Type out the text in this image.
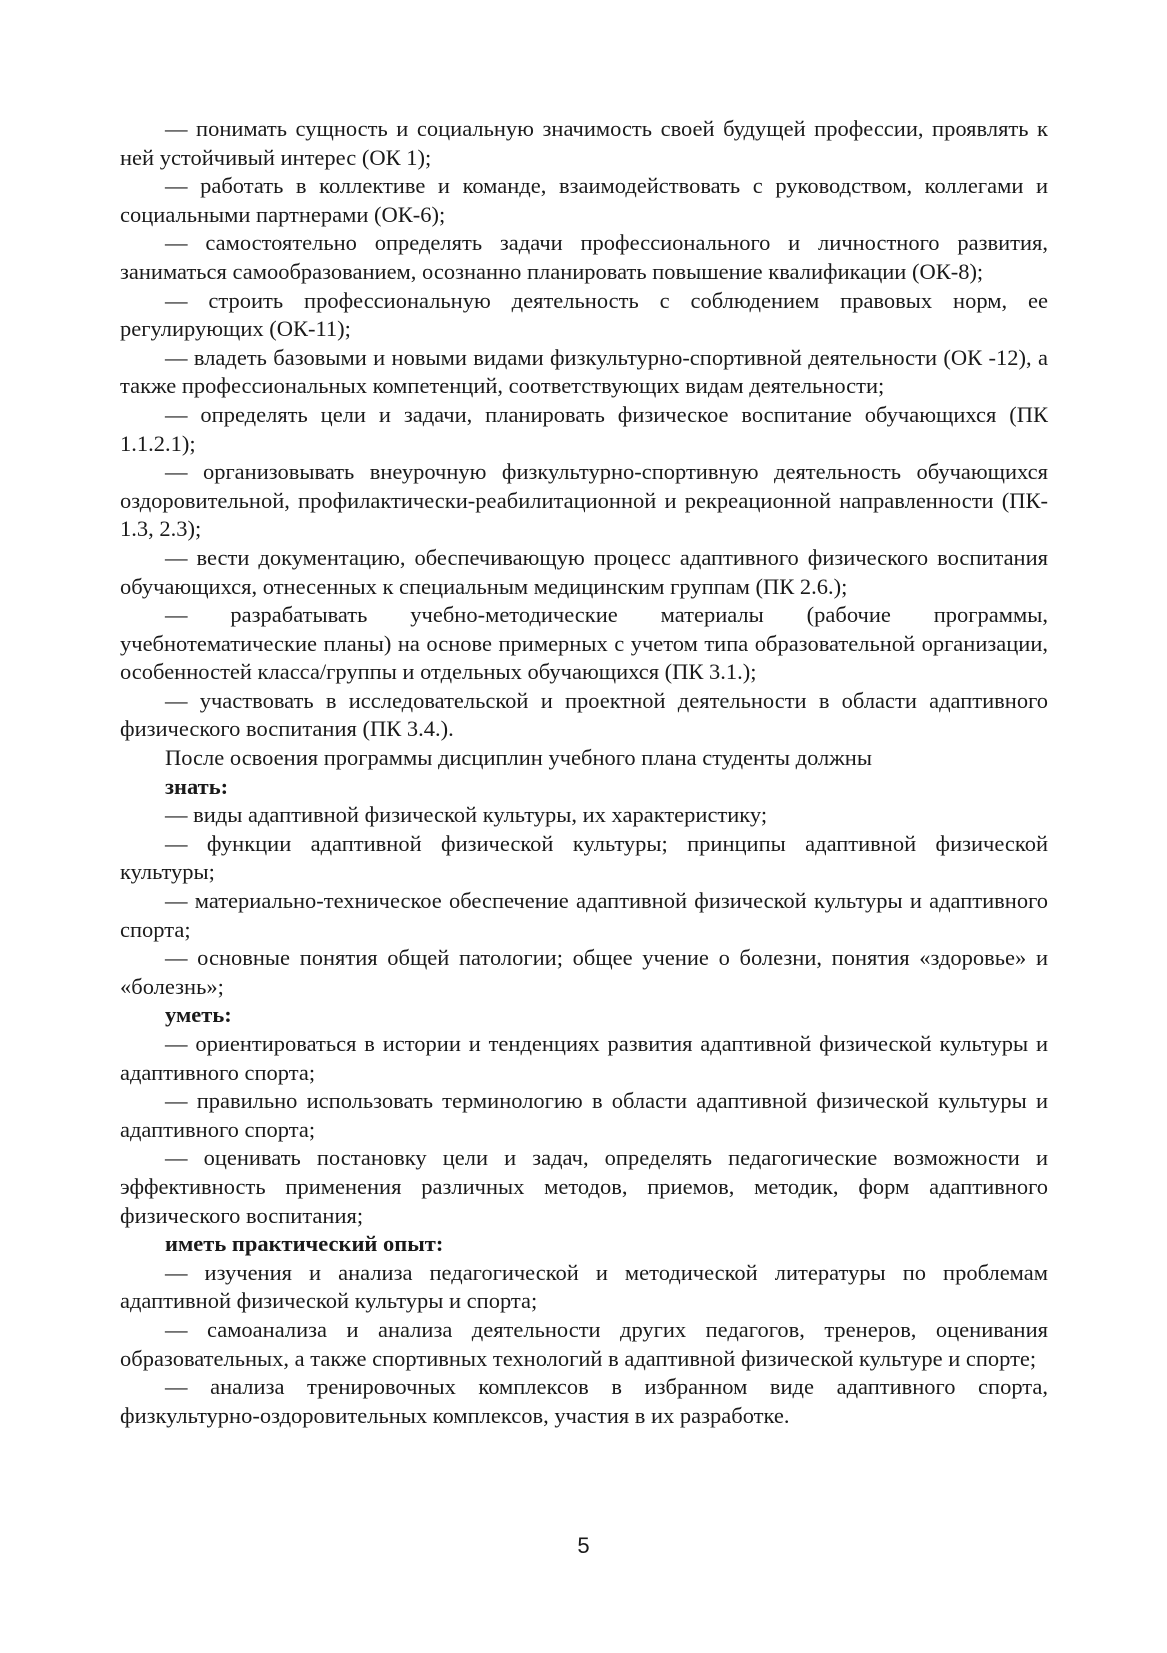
— понимать сущность и социальную значимость своей будущей профессии, проявлять к ней устойчивый интерес (ОК 1);

— работать в коллективе и команде, взаимодействовать с руководством, коллегами и социальными партнерами (ОК-6);

— самостоятельно определять задачи профессионального и личностного развития, заниматься самообразованием, осознанно планировать повышение квалификации (ОК-8);

— строить профессиональную деятельность с соблюдением правовых норм, ее регулирующих (ОК-11);

— владеть базовыми и новыми видами физкультурно-спортивной деятельности (ОК -12), а также профессиональных компетенций, соответствующих видам деятельности;

— определять цели и задачи, планировать физическое воспитание обучающихся (ПК 1.1.2.1);

— организовывать внеурочную физкультурно-спортивную деятельность обучающихся оздоровительной, профилактически-реабилитационной и рекреационной направленности (ПК- 1.3, 2.3);

— вести документацию, обеспечивающую процесс адаптивного физического воспитания обучающихся, отнесенных к специальным медицинским группам (ПК 2.6.);

— разрабатывать учебно-методические материалы (рабочие программы, учебнотематические планы) на основе примерных с учетом типа образовательной организации, особенностей класса/группы и отдельных обучающихся (ПК 3.1.);

— участвовать в исследовательской и проектной деятельности в области адаптивного физического воспитания (ПК 3.4.).

После освоения программы дисциплин учебного плана студенты должны

знать:

— виды адаптивной физической культуры, их характеристику;

— функции адаптивной физической культуры; принципы адаптивной физической культуры;

— материально-техническое обеспечение адаптивной физической культуры и адаптивного спорта;

— основные понятия общей патологии; общее учение о болезни, понятия «здоровье» и «болезнь»;

уметь:

— ориентироваться в истории и тенденциях развития адаптивной физической культуры и адаптивного спорта;

— правильно использовать терминологию в области адаптивной физической культуры и адаптивного спорта;

— оценивать постановку цели и задач, определять педагогические возможности и эффективность применения различных методов, приемов, методик, форм адаптивного физического воспитания;

иметь практический опыт:

— изучения и анализа педагогической и методической литературы по проблемам адаптивной физической культуры и спорта;

— самоанализа и анализа деятельности других педагогов, тренеров, оценивания образовательных, а также спортивных технологий в адаптивной физической культуре и спорте;

— анализа тренировочных комплексов в избранном виде адаптивного спорта, физкультурно-оздоровительных комплексов, участия в их разработке.

5
